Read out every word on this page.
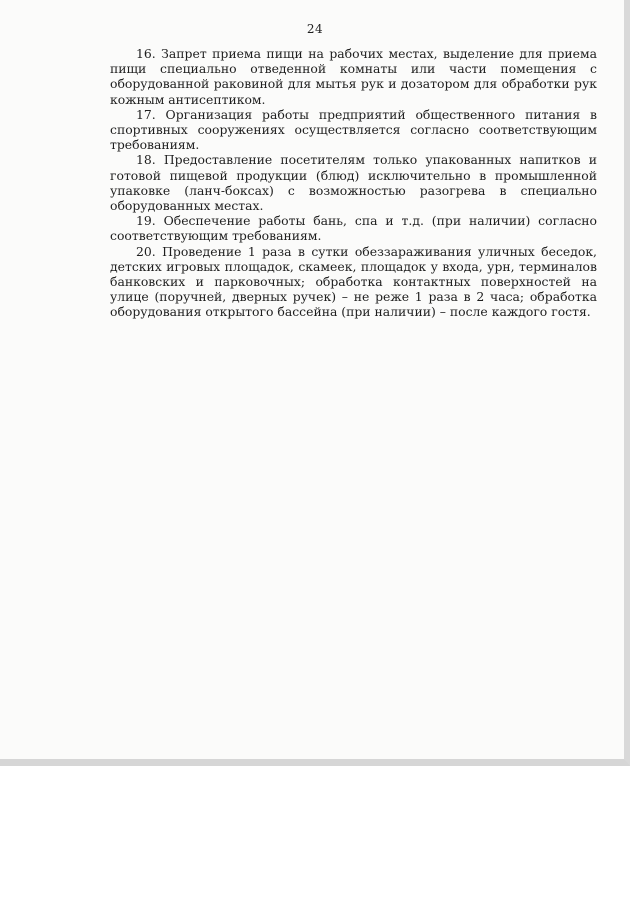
24

16. Запрет приема пищи на рабочих местах, выделение для приема пищи специально отведенной комнаты или части помещения с оборудованной раковиной для мытья рук и дозатором для обработки рук кожным антисептиком.

17. Организация работы предприятий общественного питания в спортивных сооружениях осуществляется согласно соответствующим требованиям.

18. Предоставление посетителям только упакованных напитков и готовой пищевой продукции (блюд) исключительно в промышленной упаковке (ланч-боксах) с возможностью разогрева в специально оборудованных местах.

19. Обеспечение работы бань, спа и т.д. (при наличии) согласно соответствующим требованиям.

20. Проведение 1 раза в сутки обеззараживания уличных беседок, детских игровых площадок, скамеек, площадок у входа, урн, терминалов банковских и парковочных; обработка контактных поверхностей на улице (поручней, дверных ручек) – не реже 1 раза в 2 часа; обработка оборудования открытого бассейна (при наличии) – после каждого гостя.
